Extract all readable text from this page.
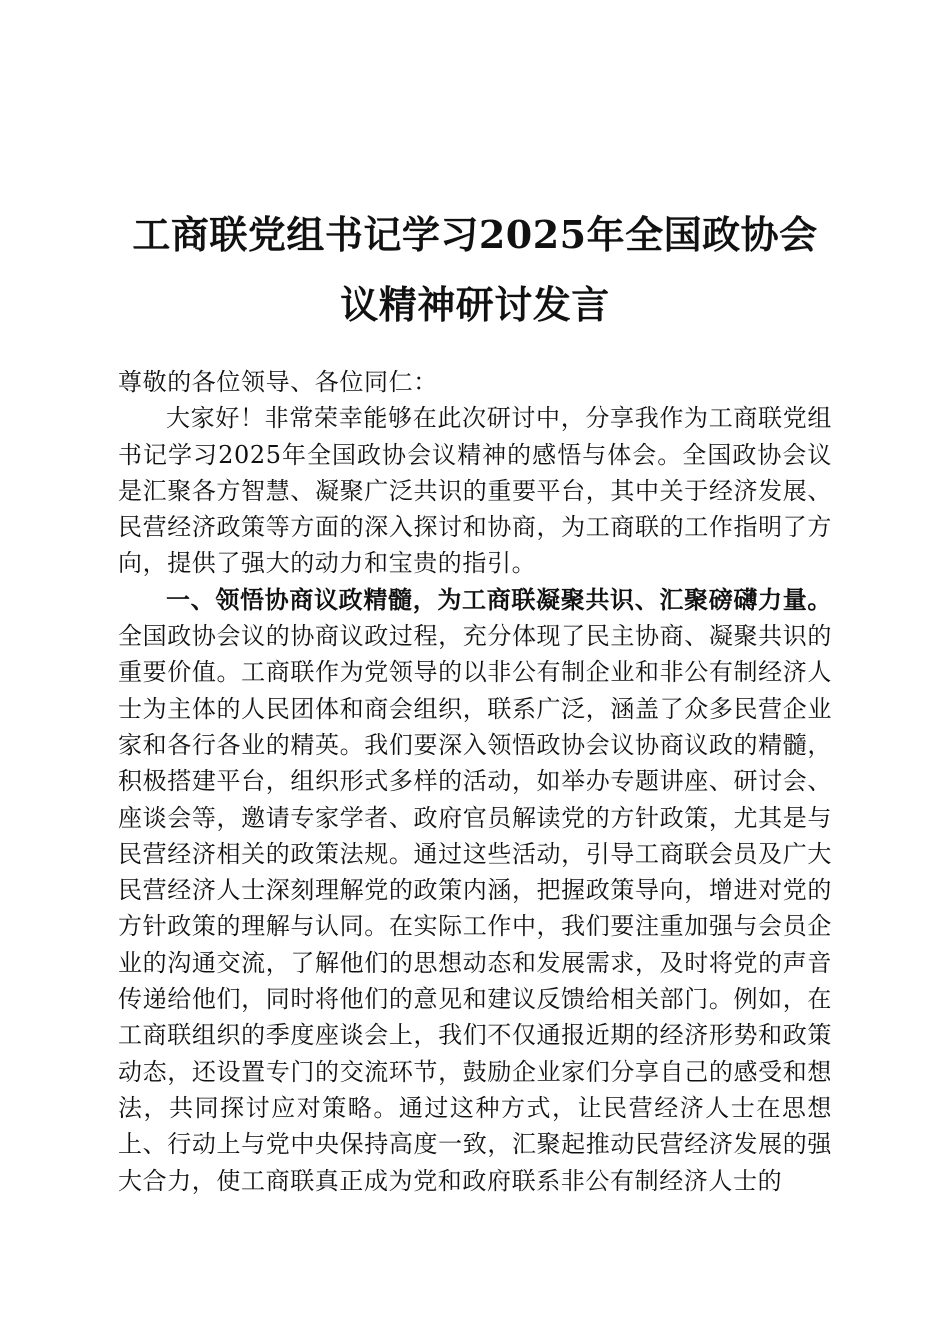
工商联党组书记学习2025年全国政协会议精神研讨发言

尊敬的各位领导、各位同仁：

大家好！非常荣幸能够在此次研讨中，分享我作为工商联党组书记学习2025年全国政协会议精神的感悟与体会。全国政协会议是汇聚各方智慧、凝聚广泛共识的重要平台，其中关于经济发展、民营经济政策等方面的深入探讨和协商，为工商联的工作指明了方向，提供了强大的动力和宝贵的指引。

一、领悟协商议政精髓，为工商联凝聚共识、汇聚磅礴力量。全国政协会议的协商议政过程，充分体现了民主协商、凝聚共识的重要价值。工商联作为党领导的以非公有制企业和非公有制经济人士为主体的人民团体和商会组织，联系广泛，涵盖了众多民营企业家和各行各业的精英。我们要深入领悟政协会议协商议政的精髓，积极搭建平台，组织形式多样的活动，如举办专题讲座、研讨会、座谈会等，邀请专家学者、政府官员解读党的方针政策，尤其是与民营经济相关的政策法规。通过这些活动，引导工商联会员及广大民营经济人士深刻理解党的政策内涵，把握政策导向，增进对党的方针政策的理解与认同。在实际工作中，我们要注重加强与会员企业的沟通交流，了解他们的思想动态和发展需求，及时将党的声音传递给他们，同时将他们的意见和建议反馈给相关部门。例如，在工商联组织的季度座谈会上，我们不仅通报近期的经济形势和政策动态，还设置专门的交流环节，鼓励企业家们分享自己的感受和想法，共同探讨应对策略。通过这种方式，让民营经济人士在思想上、行动上与党中央保持高度一致，汇聚起推动民营经济发展的强大合力，使工商联真正成为党和政府联系非公有制经济人士的
